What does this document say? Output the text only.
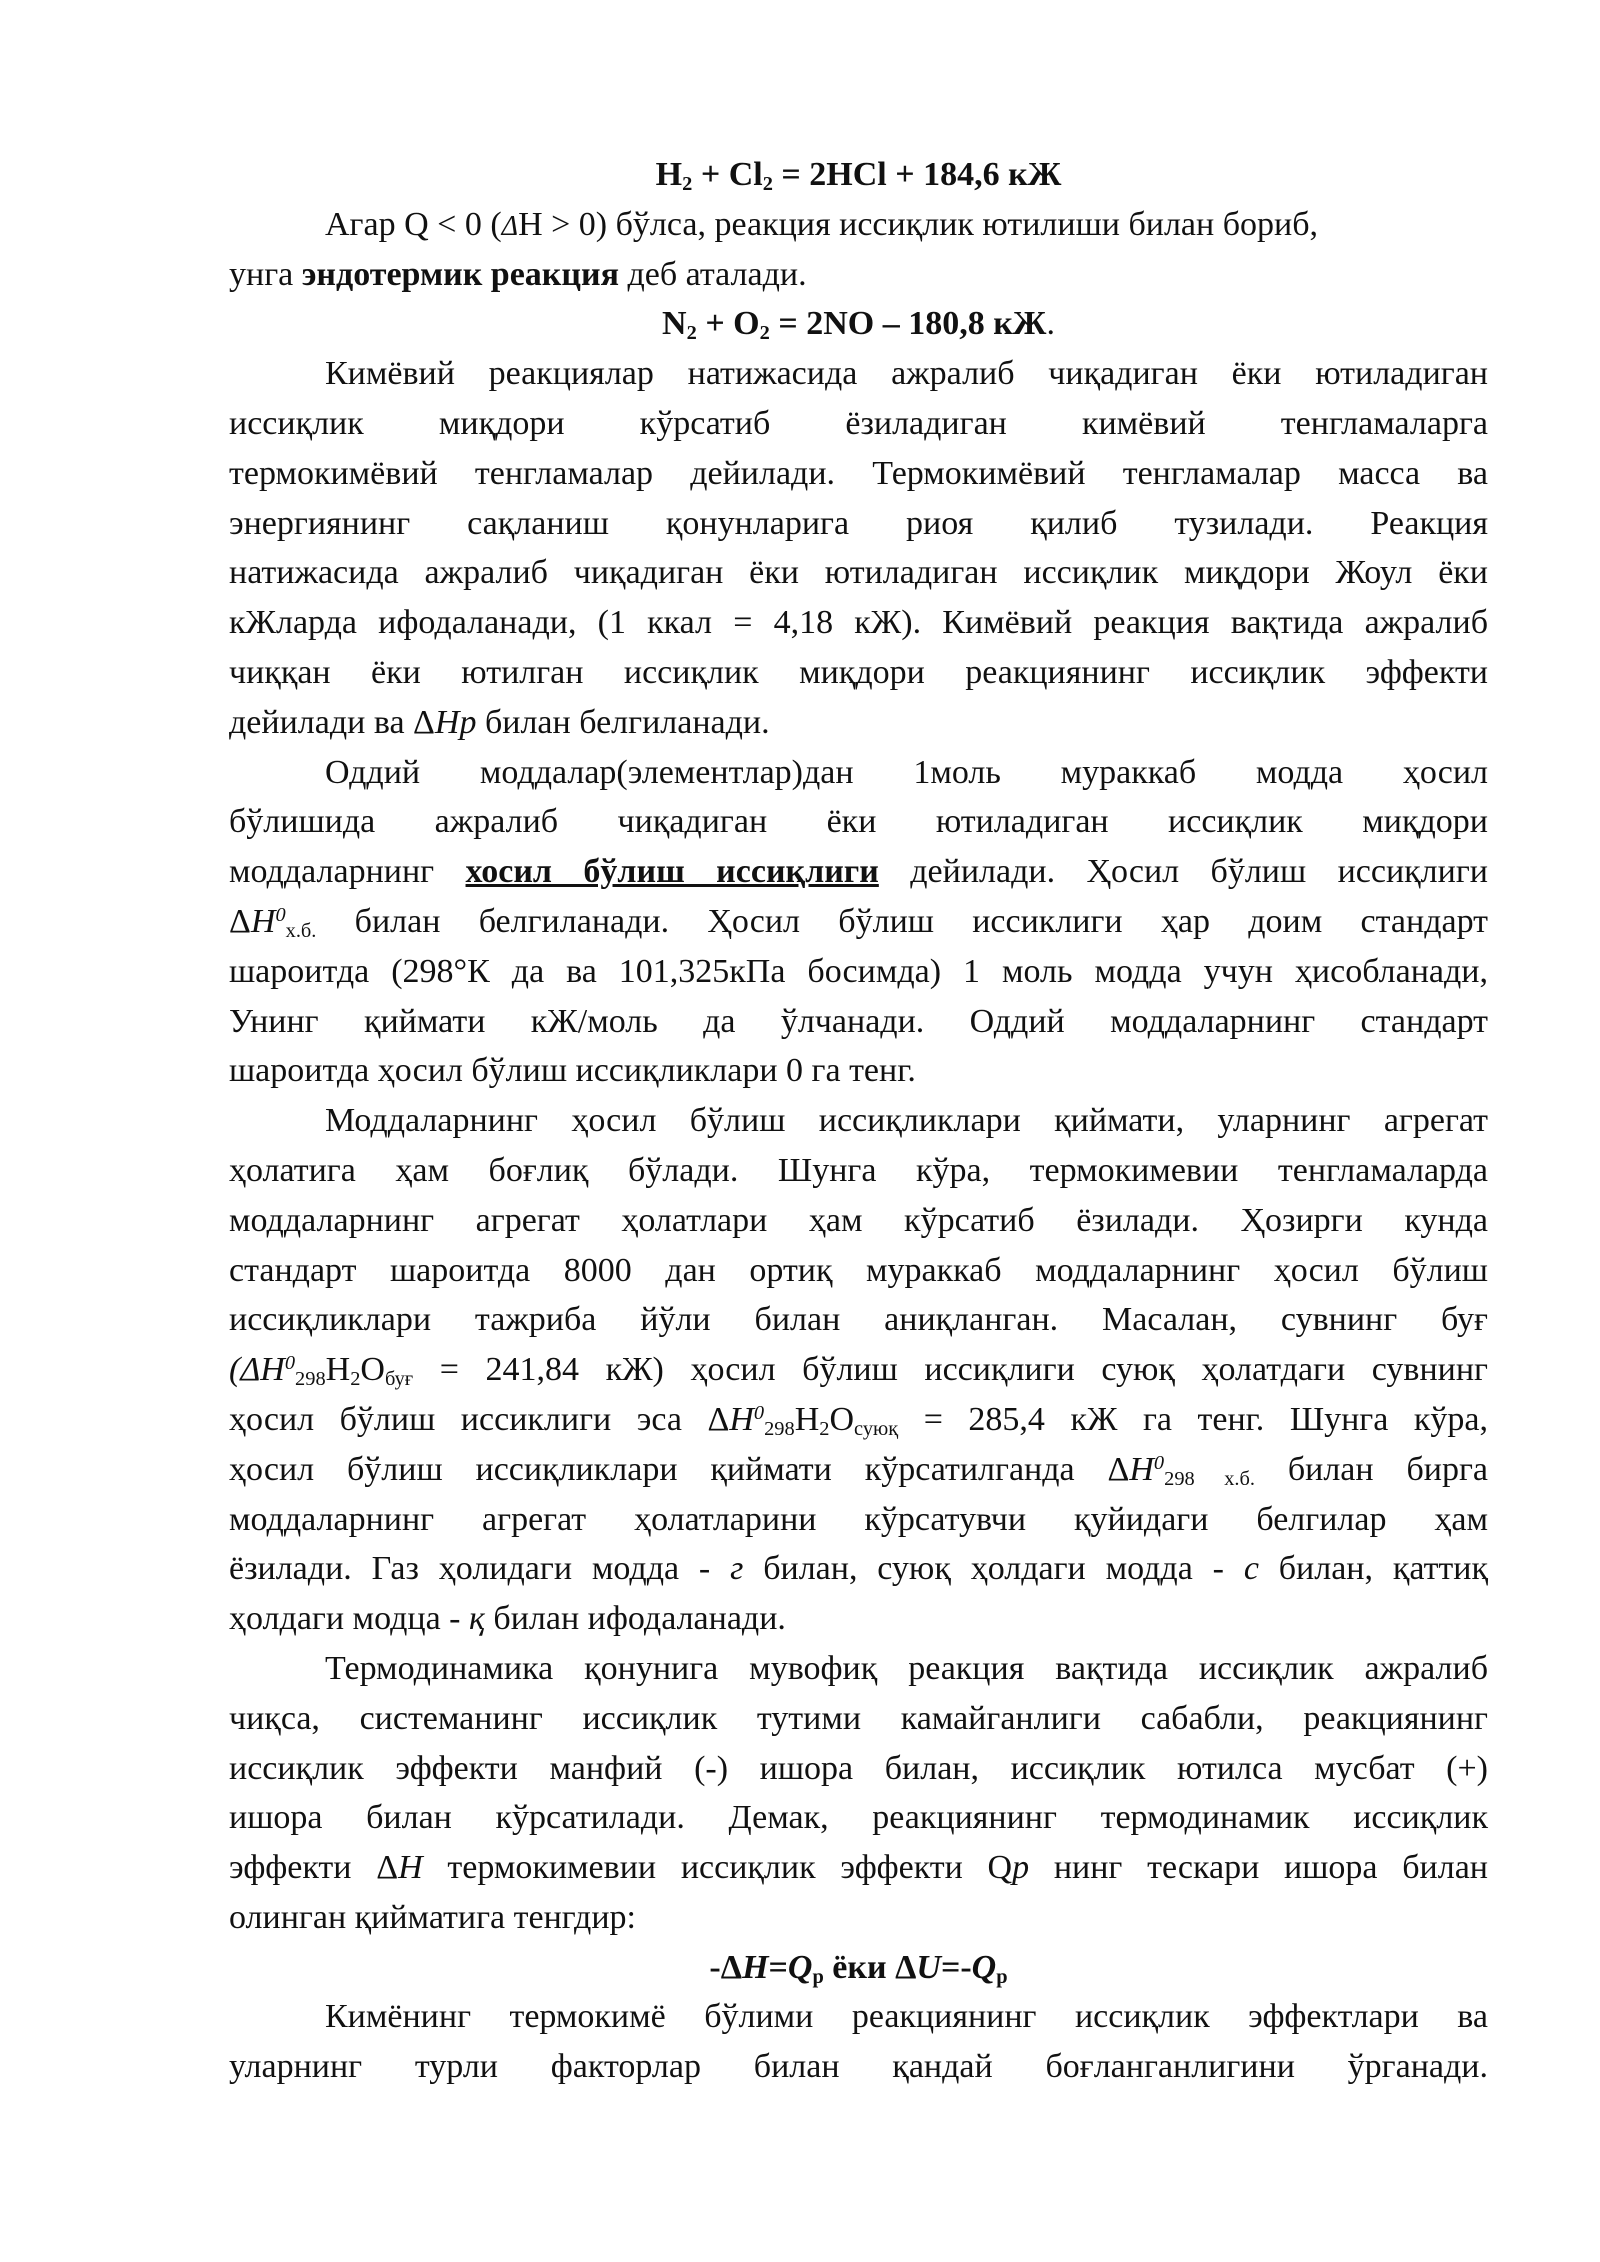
$H_2 + Cl_2 = 2HCl + 184,6$ кЖ
Агар Q < 0 (ΔH > 0) бўлса, реакция иссиқлик ютилиши билан бориб,
унга эндотермик реакция деб аталади.
$N_2 + O_2 = 2NO - 180,8$ кЖ.
Кимёвий реакциялар натижасида ажралиб чиқадиган ёки ютиладиган
иссиқлик миқдори кўрсатиб ёзиладиган кимёвий тенгламаларга
термокимёвий тенгламалар дейилади. Термокимёвий тенгламалар масса ва
энергиянинг сақланиш қонунларига риоя қилиб тузилади. Реакция
натижасида ажралиб чиқадиган ёки ютиладиган иссиқлик миқдори Жоул ёки
кЖларда ифодаланади, (1 ккал = 4,18 кЖ). Кимёвий реакция вақтида ажралиб
чиққан ёки ютилган иссиқлик миқдори реакциянинг иссиқлик эффекти
дейилади ва ΔHр билан белгиланади.
Оддий моддалар(элементлар)дан 1моль мураккаб модда ҳосил
бўлишида ажралиб чиқадиган ёки ютиладиган иссиқлик миқдори
моддаларнинг хосил бўлиш иссиқлиги дейилади. Ҳосил бўлиш иссиқлиги
$\Delta H^0_{х.б.}$ билан белгиланади. Ҳосил бўлиш иссиклиги ҳар доим стандарт
шароитда (298°К да ва 101,325кПа босимда) 1 моль модда учун ҳисобланади,
Унинг қиймати кЖ/моль да ўлчанади. Оддий моддаларнинг стандарт
шароитда ҳосил бўлиш иссиқликлари 0 га тенг.
Моддаларнинг ҳосил бўлиш иссиқликлари қиймати, уларнинг агрегат
ҳолатига ҳам боғлиқ бўлади. Шунга кўра, термокимевии тенгламаларда
моддаларнинг агрегат ҳолатлари ҳам кўрсатиб ёзилади. Ҳозирги кунда
стандарт шароитда 8000 дан ортиқ мураккаб моддаларнинг ҳосил бўлиш
иссиқликлари тажриба йўли билан аниқланган. Масалан, сувнинг буғ
($\Delta H^0_{298}H_2O_{буғ} = 241,84$ кЖ) ҳосил бўлиш иссиқлиги суюқ ҳолатдаги сувнинг
ҳосил бўлиш иссиклиги эса $\Delta H^0_{298}H_2O_{суюқ} = 285,4$ кЖ га тенг. Шунга кўра,
ҳосил бўлиш иссиқликлари қиймати кўрсатилганда $\Delta H^0_{298 х.б.}$ билан бирга
моддаларнинг агрегат ҳолатларини кўрсатувчи қуйидаги белгилар ҳам
ёзилади. Газ ҳолидаги модда - г билан, суюқ ҳолдаги модда - с билан, қаттиқ
ҳолдаги модца - қ билан ифодаланади.
Термодинамика қонунига мувофиқ реакция вақтида иссиқлик ажралиб
чиқса, системанинг иссиқлик тутими камайганлиги сабабли, реакциянинг
иссиқлик эффекти манфий (-) ишора билан, иссиқлик ютилса мусбат (+)
ишора билан кўрсатилади. Демак, реакциянинг термодинамик иссиқлик
эффекти ΔH термокимевии иссиқлик эффекти Qр нинг тескари ишора билан
олинган қийматига тенгдир:
$-\Delta H=Q_p$ ёки $\Delta U=-Q_p$
Кимёнинг термокимё бўлими реакциянинг иссиқлик эффектлари ва
уларнинг турли факторлар билан қандай боғланганлигини ўрганади.
